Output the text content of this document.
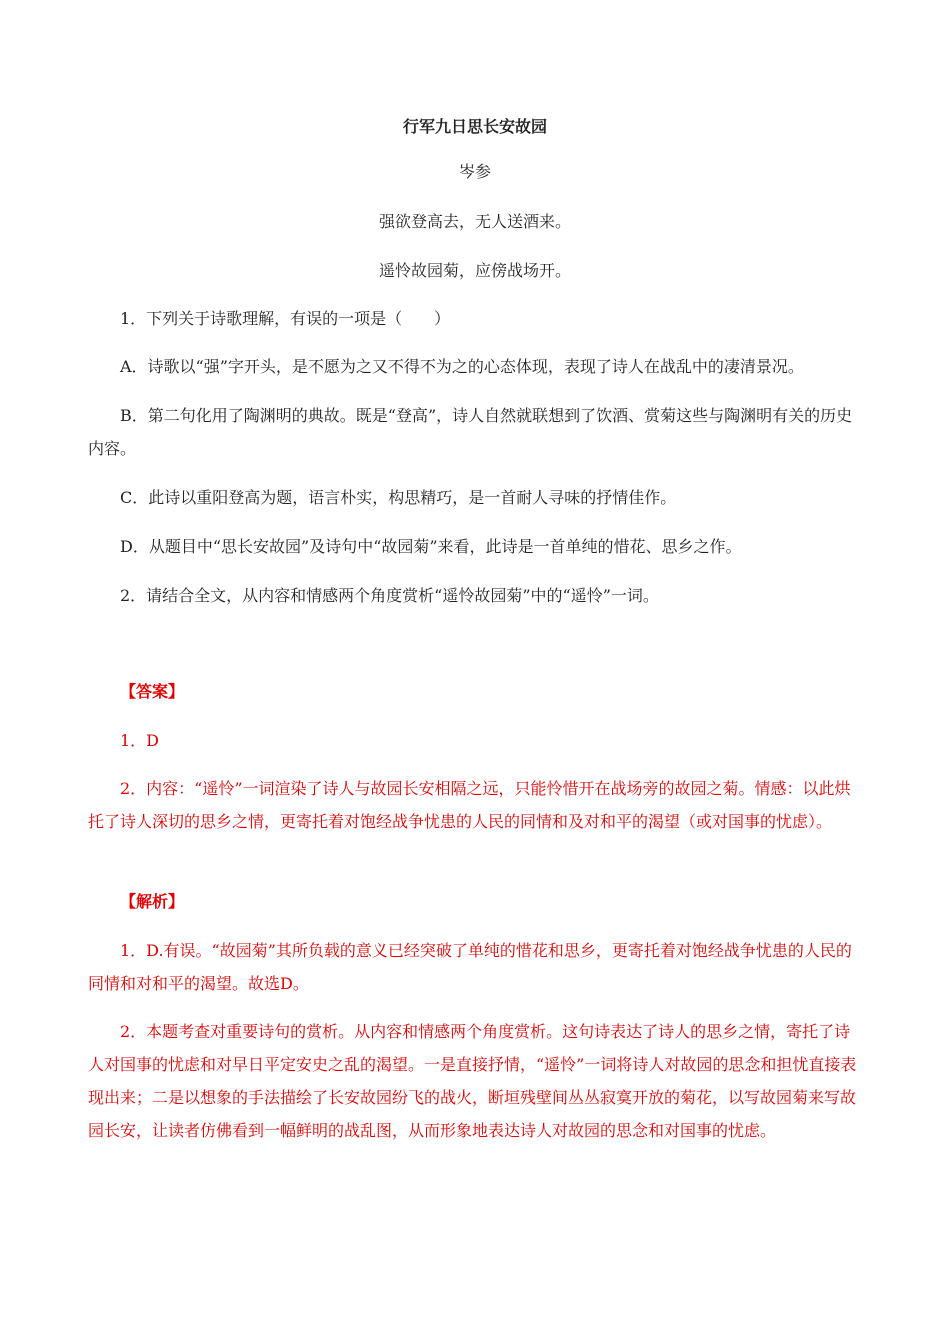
行军九日思长安故园
岑参
强欲登高去，无人送酒来。
遥怜故园菊，应傍战场开。
1．下列关于诗歌理解，有误的一项是（　　）
A．诗歌以“强”字开头，是不愿为之又不得不为之的心态体现，表现了诗人在战乱中的凄清景况。
B．第二句化用了陶渊明的典故。既是“登高”，诗人自然就联想到了饮酒、赏菊这些与陶渊明有关的历史内容。
C．此诗以重阳登高为题，语言朴实，构思精巧，是一首耐人寻味的抒情佳作。
D．从题目中“思长安故园”及诗句中“故园菊”来看，此诗是一首单纯的惜花、思乡之作。
2．请结合全文，从内容和情感两个角度赏析“遥怜故园菊”中的“遥怜”一词。
【答案】
1．D
2．内容：“遥怜”一词渲染了诗人与故园长安相隔之远，只能怜惜开在战场旁的故园之菊。情感：以此烘托了诗人深切的思乡之情，更寄托着对饱经战争忧患的人民的同情和及对和平的渴望（或对国事的忧虑）。
【解析】
1．D.有误。“故园菊”其所负载的意义已经突破了单纯的惜花和思乡，更寄托着对饱经战争忧患的人民的同情和对和平的渴望。故选D。
2．本题考查对重要诗句的赏析。从内容和情感两个角度赏析。这句诗表达了诗人的思乡之情，寄托了诗人对国事的忧虑和对早日平定安史之乱的渴望。一是直接抒情，“遥怜”一词将诗人对故园的思念和担忧直接表现出来；二是以想象的手法描绘了长安故园纷飞的战火，断垣残壁间丛丛寂寞开放的菊花，以写故园菊来写故园长安，让读者仿佛看到一幅鲜明的战乱图，从而形象地表达诗人对故园的思念和对国事的忧虑。
